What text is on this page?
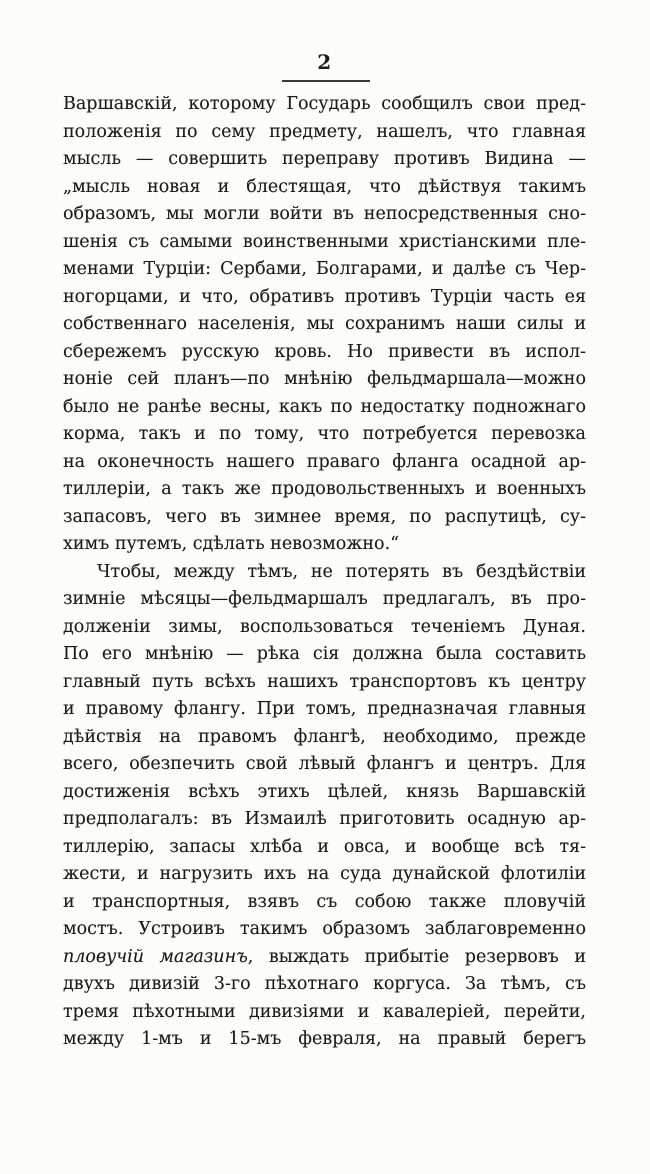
2
Варшавскій, которому Государь сообщилъ свои пред-
положенія по сему предмету, нашелъ, что главная
мысль — совершить переправу противъ Видина —
„мысль новая и блестящая, что дѣйствуя такимъ
образомъ, мы могли войти въ непосредственныя сно-
шенія съ самыми воинственными христіанскими пле-
менами Турціи: Сербами, Болгарами, и далѣе съ Чер-
ногорцами, и что, обративъ противъ Турціи часть ея
собственнаго населенія, мы сохранимъ наши силы и
сбережемъ русскую кровь. Но привести въ испол-
ноніе сей планъ—по мнѣнію фельдмаршала—можно
было не ранѣе весны, какъ по недостатку подножнаго
корма, такъ и по тому, что потребуется перевозка
на оконечность нашего праваго фланга осадной ар-
тиллеріи, а такъ же продовольственныхъ и военныхъ
запасовъ, чего въ зимнее время, по распутицѣ, су-
химъ путемъ, сдѣлать невозможно.“
Чтобы, между тѣмъ, не потерять въ бездѣйствіи
зимніе мѣсяцы—фельдмаршалъ предлагалъ, въ про-
долженіи зимы, воспользоваться теченіемъ Дуная.
По его мнѣнію — рѣка сія должна была составить
главный путь всѣхъ нашихъ транспортовъ къ центру
и правому флангу. При томъ, предназначая главныя
дѣйствія на правомъ флангѣ, необходимо, прежде
всего, обезпечить свой лѣвый флангъ и центръ. Для
достиженія всѣхъ этихъ цѣлей, князь Варшавскій
предполагалъ: въ Измаилѣ приготовить осадную ар-
тиллерію, запасы хлѣба и овса, и вообще всѣ тя-
жести, и нагрузить ихъ на суда дунайской флотиліи
и транспортныя, взявъ съ собою также пловучій
мостъ. Устроивъ такимъ образомъ заблаговременно
пловучій магазинъ, выждать прибытіе резервовъ и
двухъ дивизій 3-го пѣхотнаго коргуса. За тѣмъ, съ
тремя пѣхотными дивизіями и кавалеріей, перейти,
между 1-мъ и 15-мъ февраля, на правый берегъ
